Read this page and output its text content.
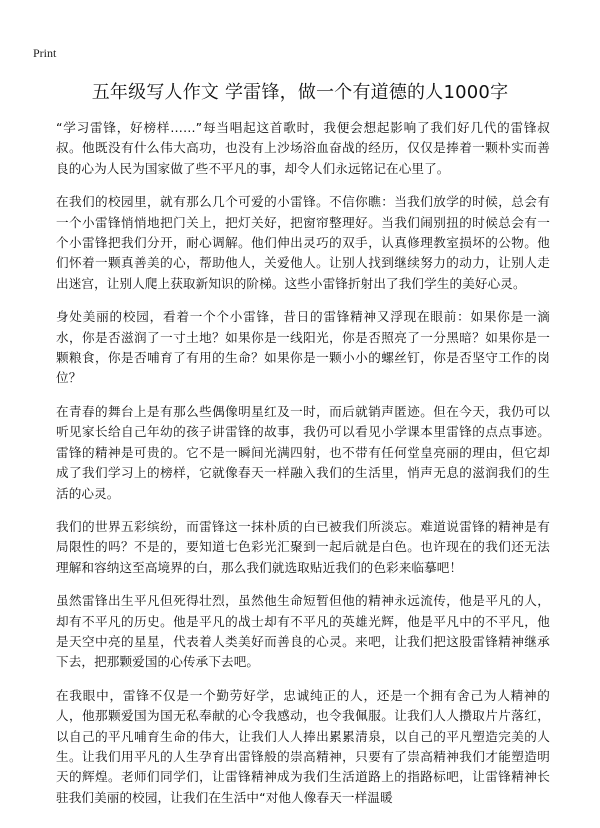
Print
五年级写人作文 学雷锋，做一个有道德的人1000字

“学习雷锋，好榜样……”每当唱起这首歌时，我便会想起影响了我们好几代的雷锋叔叔。他既没有什么伟大高功，也没有上沙场浴血奋战的经历，仅仅是捧着一颗朴实而善良的心为人民为国家做了些不平凡的事，却令人们永远铭记在心里了。

在我们的校园里，就有那么几个可爱的小雷锋。不信你瞧：当我们放学的时候，总会有一个小雷锋悄悄地把门关上，把灯关好，把窗帘整理好。当我们闹别扭的时候总会有一个小雷锋把我们分开，耐心调解。他们伸出灵巧的双手，认真修理教室损坏的公物。他们怀着一颗真善美的心，帮助他人，关爱他人。让别人找到继续努力的动力，让别人走出迷宫，让别人爬上获取新知识的阶梯。这些小雷锋折射出了我们学生的美好心灵。

身处美丽的校园，看着一个个小雷锋，昔日的雷锋精神又浮现在眼前：如果你是一滴水，你是否滋润了一寸土地？如果你是一线阳光，你是否照亮了一分黑暗？如果你是一颗粮食，你是否哺育了有用的生命？如果你是一颗小小的螺丝钉，你是否坚守工作的岗位？

在青春的舞台上是有那么些偶像明星红及一时，而后就销声匿迹。但在今天，我仍可以听见家长给自己年幼的孩子讲雷锋的故事，我仍可以看见小学课本里雷锋的点点事迹。雷锋的精神是可贵的。它不是一瞬间光满四射，也不带有任何堂皇亮丽的理由，但它却成了我们学习上的榜样，它就像春天一样融入我们的生活里，悄声无息的滋润我们的生活的心灵。

我们的世界五彩缤纷，而雷锋这一抹朴质的白已被我们所淡忘。难道说雷锋的精神是有局限性的吗？不是的，要知道七色彩光汇聚到一起后就是白色。也许现在的我们还无法理解和容纳这至高境界的白，那么我们就选取贴近我们的色彩来临摹吧！

虽然雷锋出生平凡但死得壮烈，虽然他生命短暂但他的精神永远流传，他是平凡的人，却有不平凡的历史。他是平凡的战士却有不平凡的英雄光辉，他是平凡中的不平凡，他是天空中亮的星星，代表着人类美好而善良的心灵。来吧，让我们把这股雷锋精神继承下去，把那颗爱国的心传承下去吧。

在我眼中，雷锋不仅是一个勤劳好学，忠诚纯正的人，还是一个拥有舍己为人精神的人，他那颗爱国为国无私奉献的心令我感动，也令我佩服。让我们人人攒取片片落红，以自己的平凡哺育生命的伟大，让我们人人捧出累累清泉，以自己的平凡塑造完美的人生。让我们用平凡的人生孕育出雷锋般的崇高精神，只要有了崇高精神我们才能塑造明天的辉煌。老师们同学们，让雷锋精神成为我们生活道路上的指路标吧，让雷锋精神长驻我们美丽的校园，让我们在生活中“对他人像春天一样温暖
